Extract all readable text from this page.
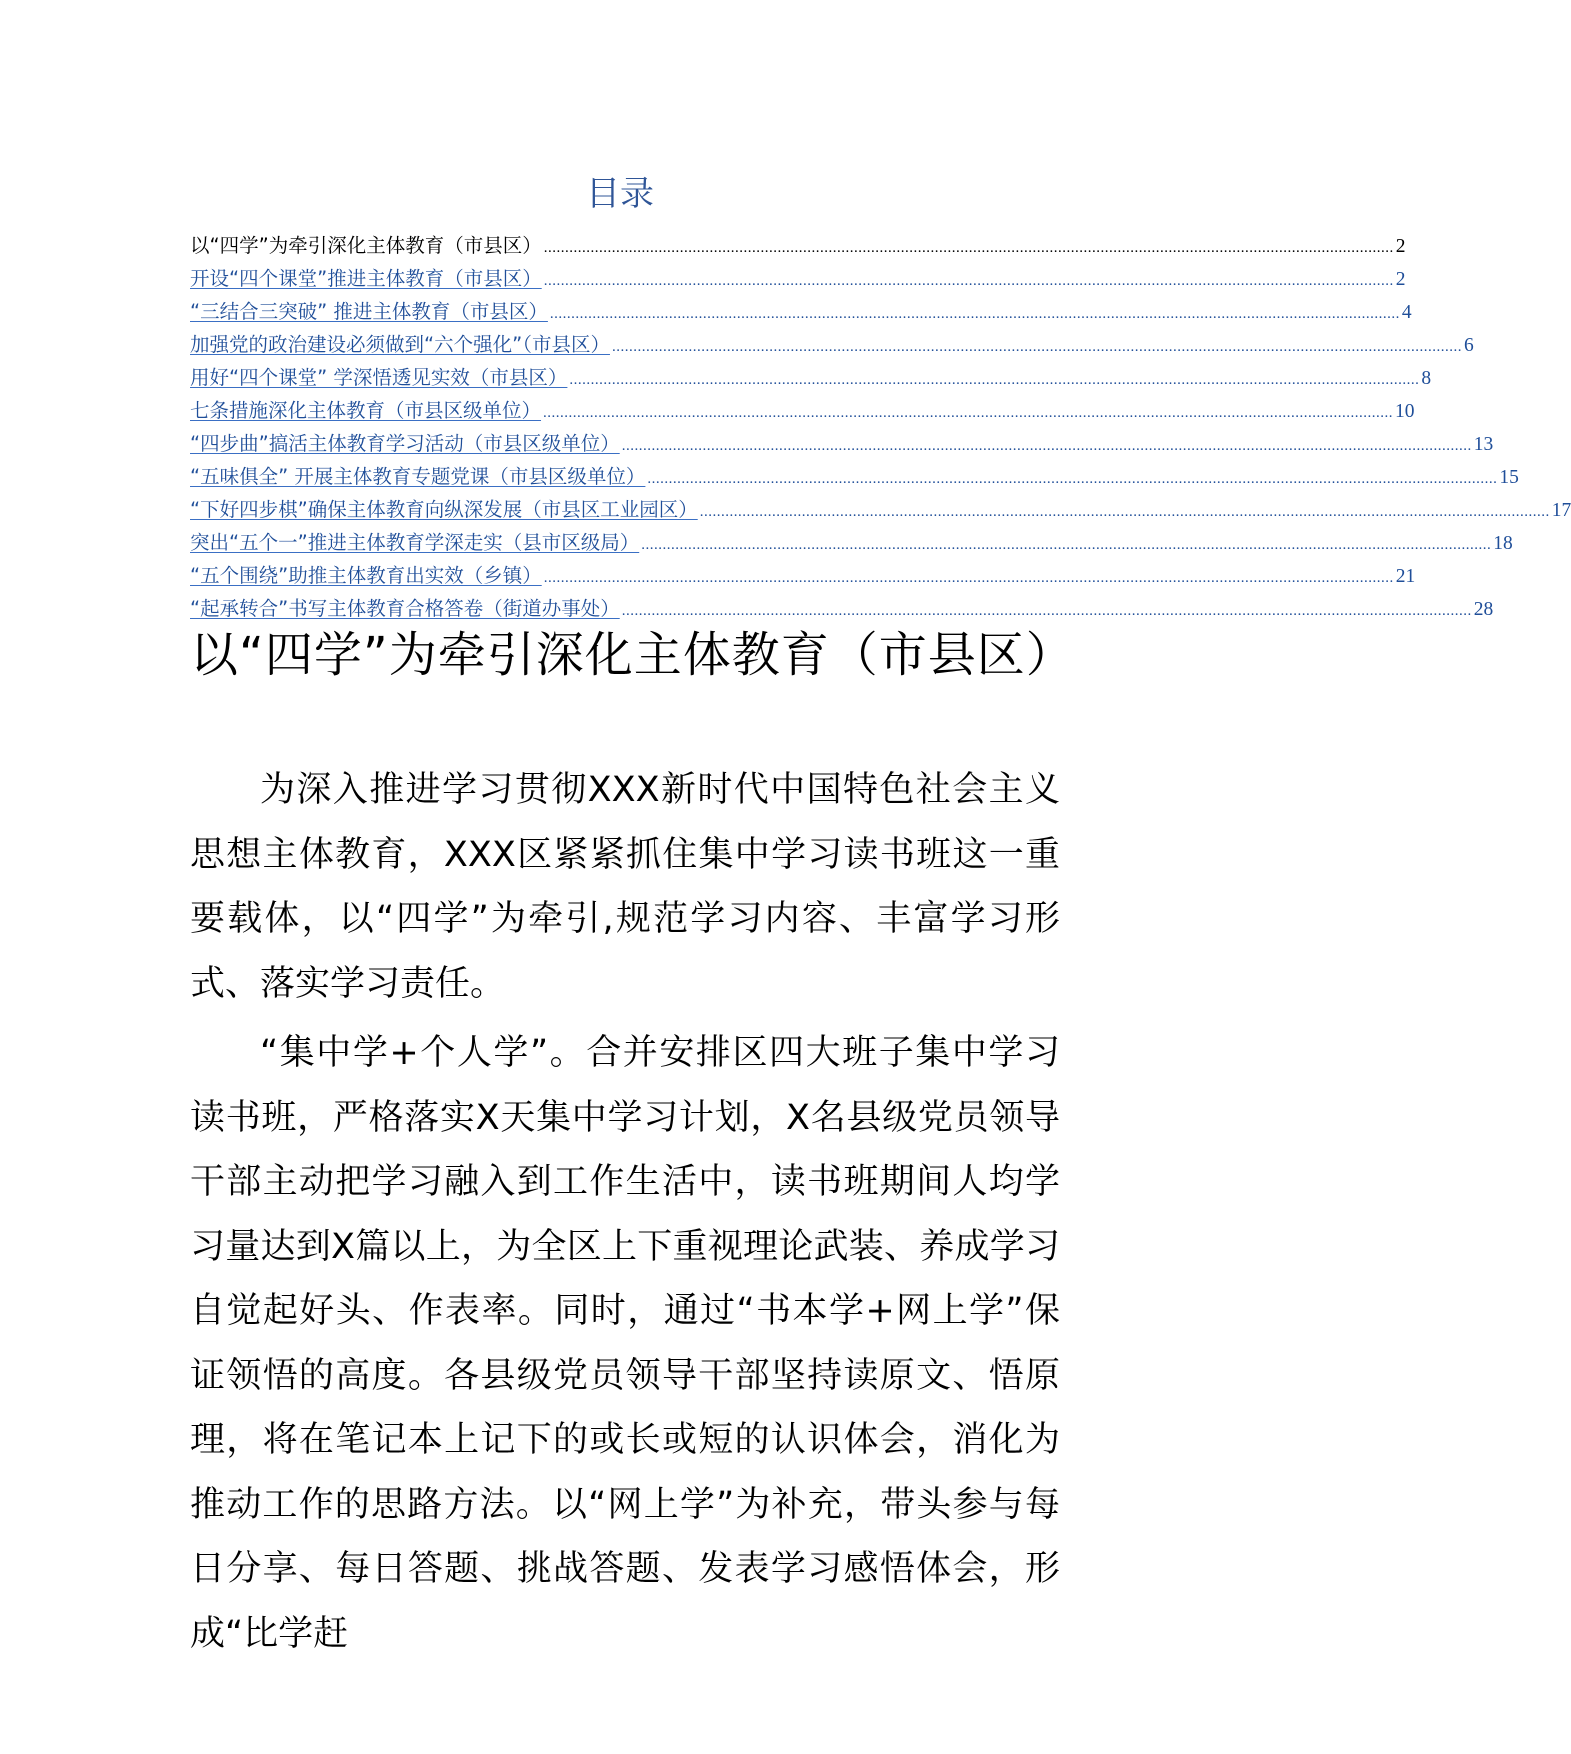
目录
以“四学”为牵引深化主体教育（市县区） ........................................................................................................................................................................................................ 2
开设“四个课堂”推进主体教育（市县区） ........................................................................................................................................................................................................ 2
“三结合三突破” 推进主体教育（市县区） ........................................................................................................................................................................................................ 4
加强党的政治建设必须做到“六个强化”（市县区） ........................................................................................................................................................................................................ 6
用好“四个课堂” 学深悟透见实效（市县区） ........................................................................................................................................................................................................ 8
七条措施深化主体教育（市县区级单位） ........................................................................................................................................................................................................ 10
“四步曲”搞活主体教育学习活动（市县区级单位） ........................................................................................................................................................................................................ 13
“五味俱全” 开展主体教育专题党课（市县区级单位） ........................................................................................................................................................................................................ 15
“下好四步棋”确保主体教育向纵深发展（市县区工业园区） ........................................................................................................................................................................................................ 17
突出“五个一”推进主体教育学深走实（县市区级局） ........................................................................................................................................................................................................ 18
“五个围绕”助推主体教育出实效（乡镇） ........................................................................................................................................................................................................ 21
“起承转合”书写主体教育合格答卷（街道办事处） ........................................................................................................................................................................................................ 28
以“四学”为牵引深化主体教育（市县区）

为深入推进学习贯彻XXX新时代中国特色社会主义思想主体教育，XXX区紧紧抓住集中学习读书班这一重要载体，以“四学”为牵引,规范学习内容、丰富学习形式、落实学习责任。

“集中学+个人学”。合并安排区四大班子集中学习读书班，严格落实X天集中学习计划，X名县级党员领导干部主动把学习融入到工作生活中，读书班期间人均学习量达到X篇以上，为全区上下重视理论武装、养成学习自觉起好头、作表率。同时，通过“书本学+网上学”保证领悟的高度。各县级党员领导干部坚持读原文、悟原理，将在笔记本上记下的或长或短的认识体会，消化为推动工作的思路方法。以“网上学”为补充，带头参与每日分享、每日答题、挑战答题、发表学习感悟体会，形成“比学赶
